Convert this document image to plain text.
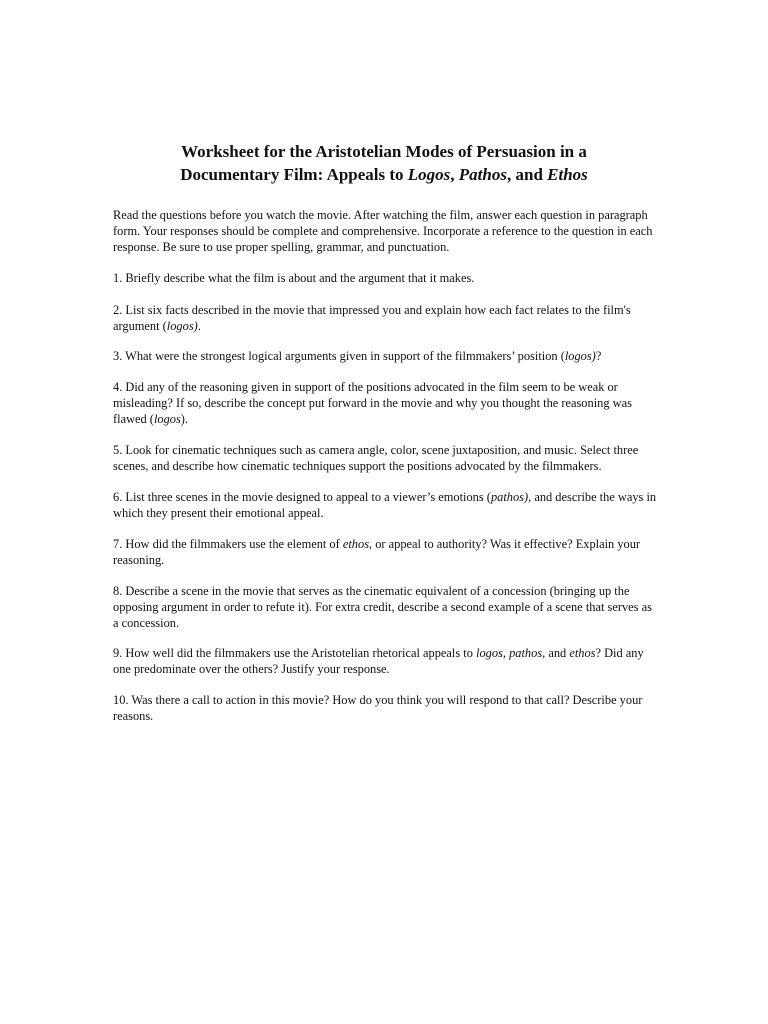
Worksheet for the Aristotelian Modes of Persuasion in a
Documentary Film: Appeals to Logos, Pathos, and Ethos

Read the questions before you watch the movie. After watching the film, answer each question in paragraph form. Your responses should be complete and comprehensive. Incorporate a reference to the question in each response. Be sure to use proper spelling, grammar, and punctuation.

1. Briefly describe what the film is about and the argument that it makes.

2. List six facts described in the movie that impressed you and explain how each fact relates to the film's argument (logos).

3. What were the strongest logical arguments given in support of the filmmakers’ position (logos)?

4. Did any of the reasoning given in support of the positions advocated in the film seem to be weak or misleading? If so, describe the concept put forward in the movie and why you thought the reasoning was flawed (logos).

5. Look for cinematic techniques such as camera angle, color, scene juxtaposition, and music. Select three scenes, and describe how cinematic techniques support the positions advocated by the filmmakers.

6. List three scenes in the movie designed to appeal to a viewer’s emotions (pathos), and describe the ways in which they present their emotional appeal.

7. How did the filmmakers use the element of ethos, or appeal to authority? Was it effective? Explain your reasoning.

8. Describe a scene in the movie that serves as the cinematic equivalent of a concession (bringing up the opposing argument in order to refute it). For extra credit, describe a second example of a scene that serves as a concession.

9. How well did the filmmakers use the Aristotelian rhetorical appeals to logos, pathos, and ethos? Did any one predominate over the others? Justify your response.

10. Was there a call to action in this movie? How do you think you will respond to that call? Describe your reasons.
